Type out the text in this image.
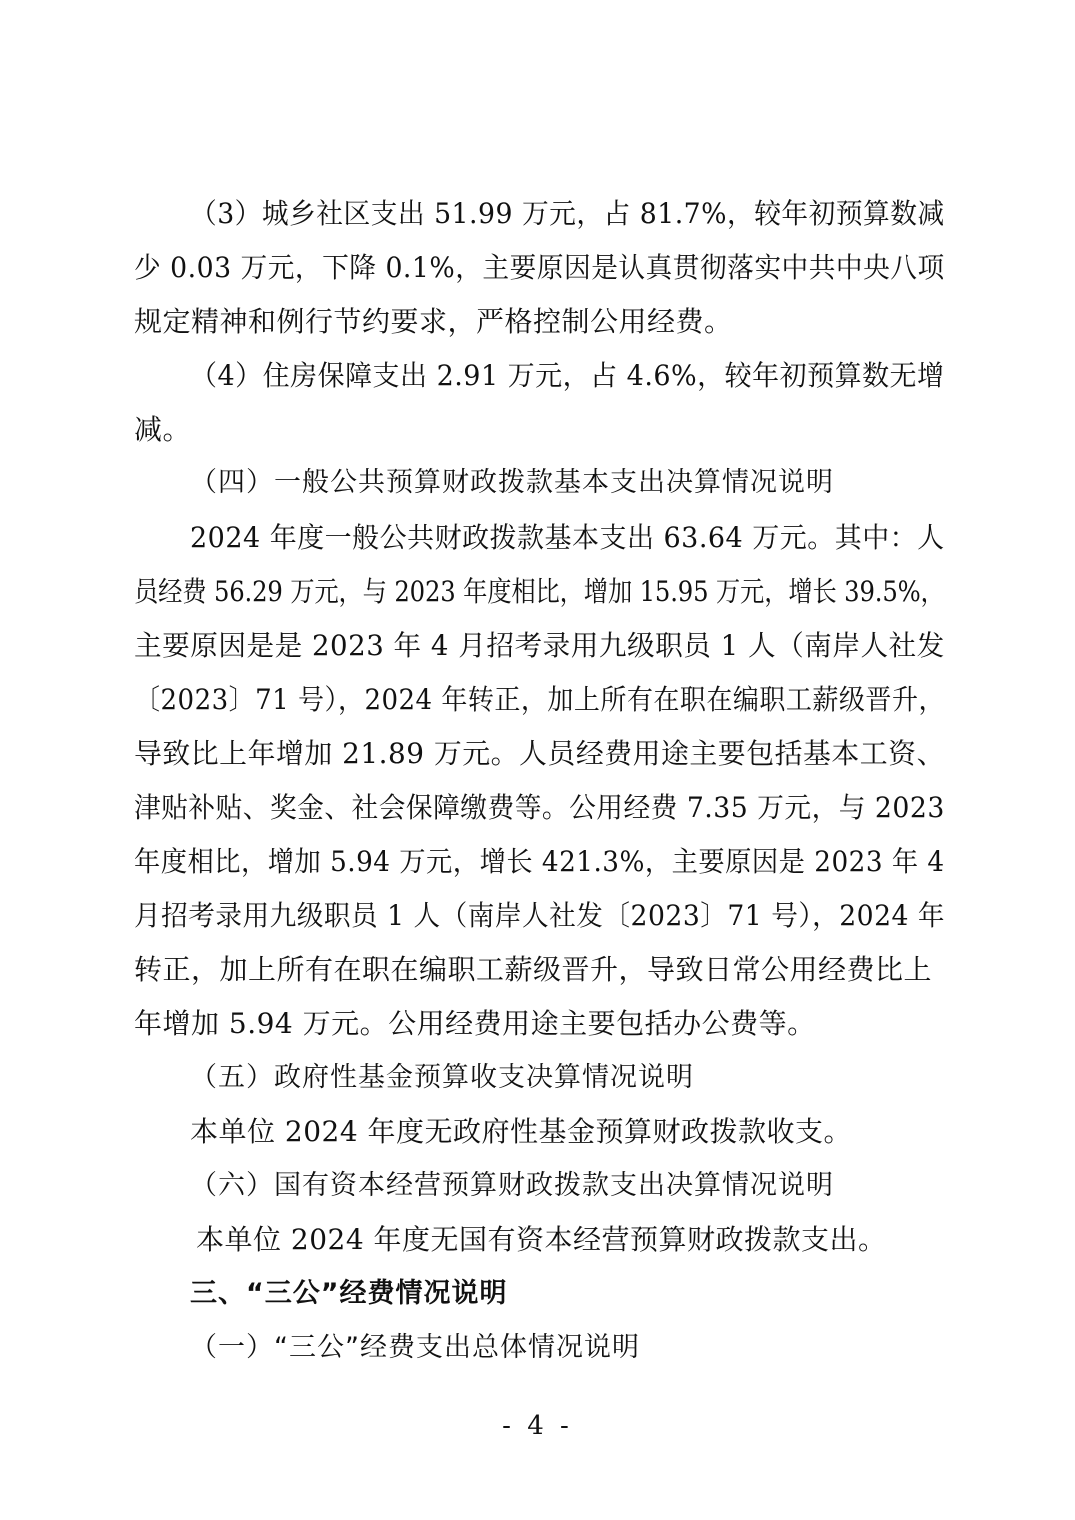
（3）城乡社区支出 51.99 万元，占 81.7%，较年初预算数减
少 0.03 万元，下降 0.1%，主要原因是认真贯彻落实中共中央八项
规定精神和例行节约要求，严格控制公用经费。
（4）住房保障支出 2.91 万元，占 4.6%，较年初预算数无增
减。
（四）一般公共预算财政拨款基本支出决算情况说明
2024 年度一般公共财政拨款基本支出 63.64 万元。其中：人
员经费 56.29 万元，与 2023 年度相比，增加 15.95 万元，增长 39.5%，
主要原因是是 2023 年 4 月招考录用九级职员 1 人（南岸人社发
〔2023〕71 号），2024 年转正，加上所有在职在编职工薪级晋升，
导致比上年增加 21.89 万元。人员经费用途主要包括基本工资、
津贴补贴、奖金、社会保障缴费等。公用经费 7.35 万元，与 2023
年度相比，增加 5.94 万元，增长 421.3%，主要原因是 2023 年 4
月招考录用九级职员 1 人（南岸人社发〔2023〕71 号），2024 年
转正，加上所有在职在编职工薪级晋升，导致日常公用经费比上
年增加 5.94 万元。公用经费用途主要包括办公费等。
（五）政府性基金预算收支决算情况说明
本单位 2024 年度无政府性基金预算财政拨款收支。
（六）国有资本经营预算财政拨款支出决算情况说明
本单位 2024 年度无国有资本经营预算财政拨款支出。
三、“三公”经费情况说明
（一）“三公”经费支出总体情况说明
- 4 -
